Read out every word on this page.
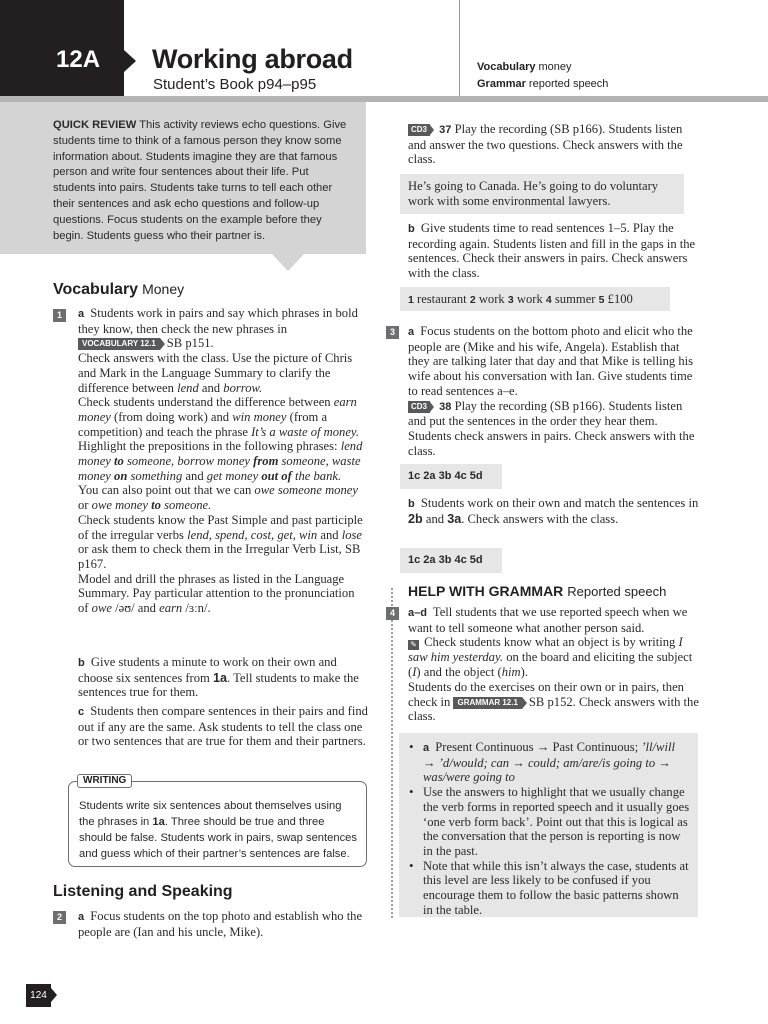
12A	Working abroad
Student’s Book p94–p95
Vocabulary money
Grammar reported speech
QUICK REVIEW This activity reviews echo questions. Give students time to think of a famous person they know some information about. Students imagine they are that famous person and write four sentences about their life. Put students into pairs. Students take turns to tell each other their sentences and ask echo questions and follow-up questions. Focus students on the example before they begin. Students guess who their partner is.
Vocabulary Money
1	a Students work in pairs and say which phrases in bold they know, then check the new phrases in VOCABULARY 12.1 SB p151.
Check answers with the class. Use the picture of Chris and Mark in the Language Summary to clarify the difference between lend and borrow.
Check students understand the difference between earn money (from doing work) and win money (from a competition) and teach the phrase It’s a waste of money.
Highlight the prepositions in the following phrases: lend money to someone, borrow money from someone, waste money on something and get money out of the bank.
You can also point out that we can owe someone money or owe money to someone.
Check students know the Past Simple and past participle of the irregular verbs lend, spend, cost, get, win and lose or ask them to check them in the Irregular Verb List, SB p167.
Model and drill the phrases as listed in the Language Summary. Pay particular attention to the pronunciation of owe /əʊ/ and earn /ɜːn/.
b Give students a minute to work on their own and choose six sentences from 1a. Tell students to make the sentences true for them.
c Students then compare sentences in their pairs and find out if any are the same. Ask students to tell the class one or two sentences that are true for them and their partners.
Students write six sentences about themselves using the phrases in 1a. Three should be true and three should be false. Students work in pairs, swap sentences and guess which of their partner’s sentences are false.
WRITING
Listening and Speaking
2	a Focus students on the top photo and establish who the people are (Ian and his uncle, Mike).
CD3 37 Play the recording (SB p166). Students listen and answer the two questions. Check answers with the class.
He’s going to Canada. He’s going to do voluntary work with some environmental lawyers.
b Give students time to read sentences 1–5. Play the recording again. Students listen and fill in the gaps in the sentences. Check their answers in pairs. Check answers with the class.
1 restaurant 2 work 3 work 4 summer 5 £100
3	a Focus students on the bottom photo and elicit who the people are (Mike and his wife, Angela). Establish that they are talking later that day and that Mike is telling his wife about his conversation with Ian. Give students time to read sentences a–e.
CD3 38 Play the recording (SB p166). Students listen and put the sentences in the order they hear them. Students check answers in pairs. Check answers with the class.
1c 2a 3b 4c 5d
b Students work on their own and match the sentences in 2b and 3a. Check answers with the class.
1c 2a 3b 4c 5d
HELP WITH GRAMMAR Reported speech
4	a–d Tell students that we use reported speech when we want to tell someone what another person said.
✎ Check students know what an object is by writing I saw him yesterday. on the board and eliciting the subject (I) and the object (him).
Students do the exercises on their own or in pairs, then check in GRAMMAR 12.1 SB p152. Check answers with the class.
• a Present Continuous → Past Continuous; ’ll/will → ’d/would; can → could; am/are/is going to → was/were going to
• Use the answers to highlight that we usually change the verb forms in reported speech and it usually goes ‘one verb form back’. Point out that this is logical as the conversation that the person is reporting is now in the past.
• Note that while this isn’t always the case, students at this level are less likely to be confused if you encourage them to follow the basic patterns shown in the table.
124
